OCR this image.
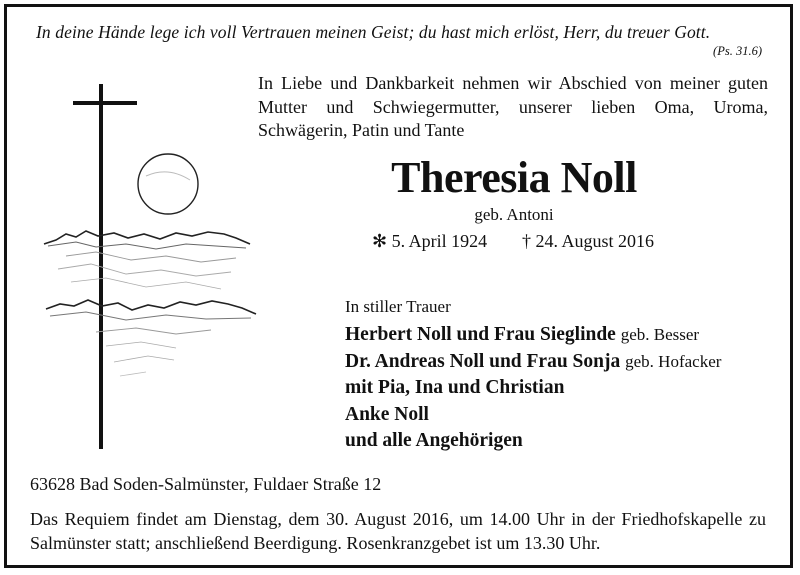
In deine Hände lege ich voll Vertrauen meinen Geist; du hast mich erlöst, Herr, du treuer Gott.
(Ps. 31.6)
In Liebe und Dankbarkeit nehmen wir Abschied von meiner guten Mutter und Schwiegermutter, unserer lieben Oma, Uroma, Schwägerin, Patin und Tante
Theresia Noll
geb. Antoni
✻ 5. April 1924 † 24. August 2016
In stiller Trauer
Herbert Noll und Frau Sieglinde geb. Besser
Dr. Andreas Noll und Frau Sonja geb. Hofacker
mit Pia, Ina und Christian
Anke Noll
und alle Angehörigen
63628 Bad Soden-Salmünster, Fuldaer Straße 12
Das Requiem findet am Dienstag, dem 30. August 2016, um 14.00 Uhr in der Friedhofskapelle zu Salmünster statt; anschließend Beerdigung. Rosenkranzgebet ist um 13.30 Uhr.
